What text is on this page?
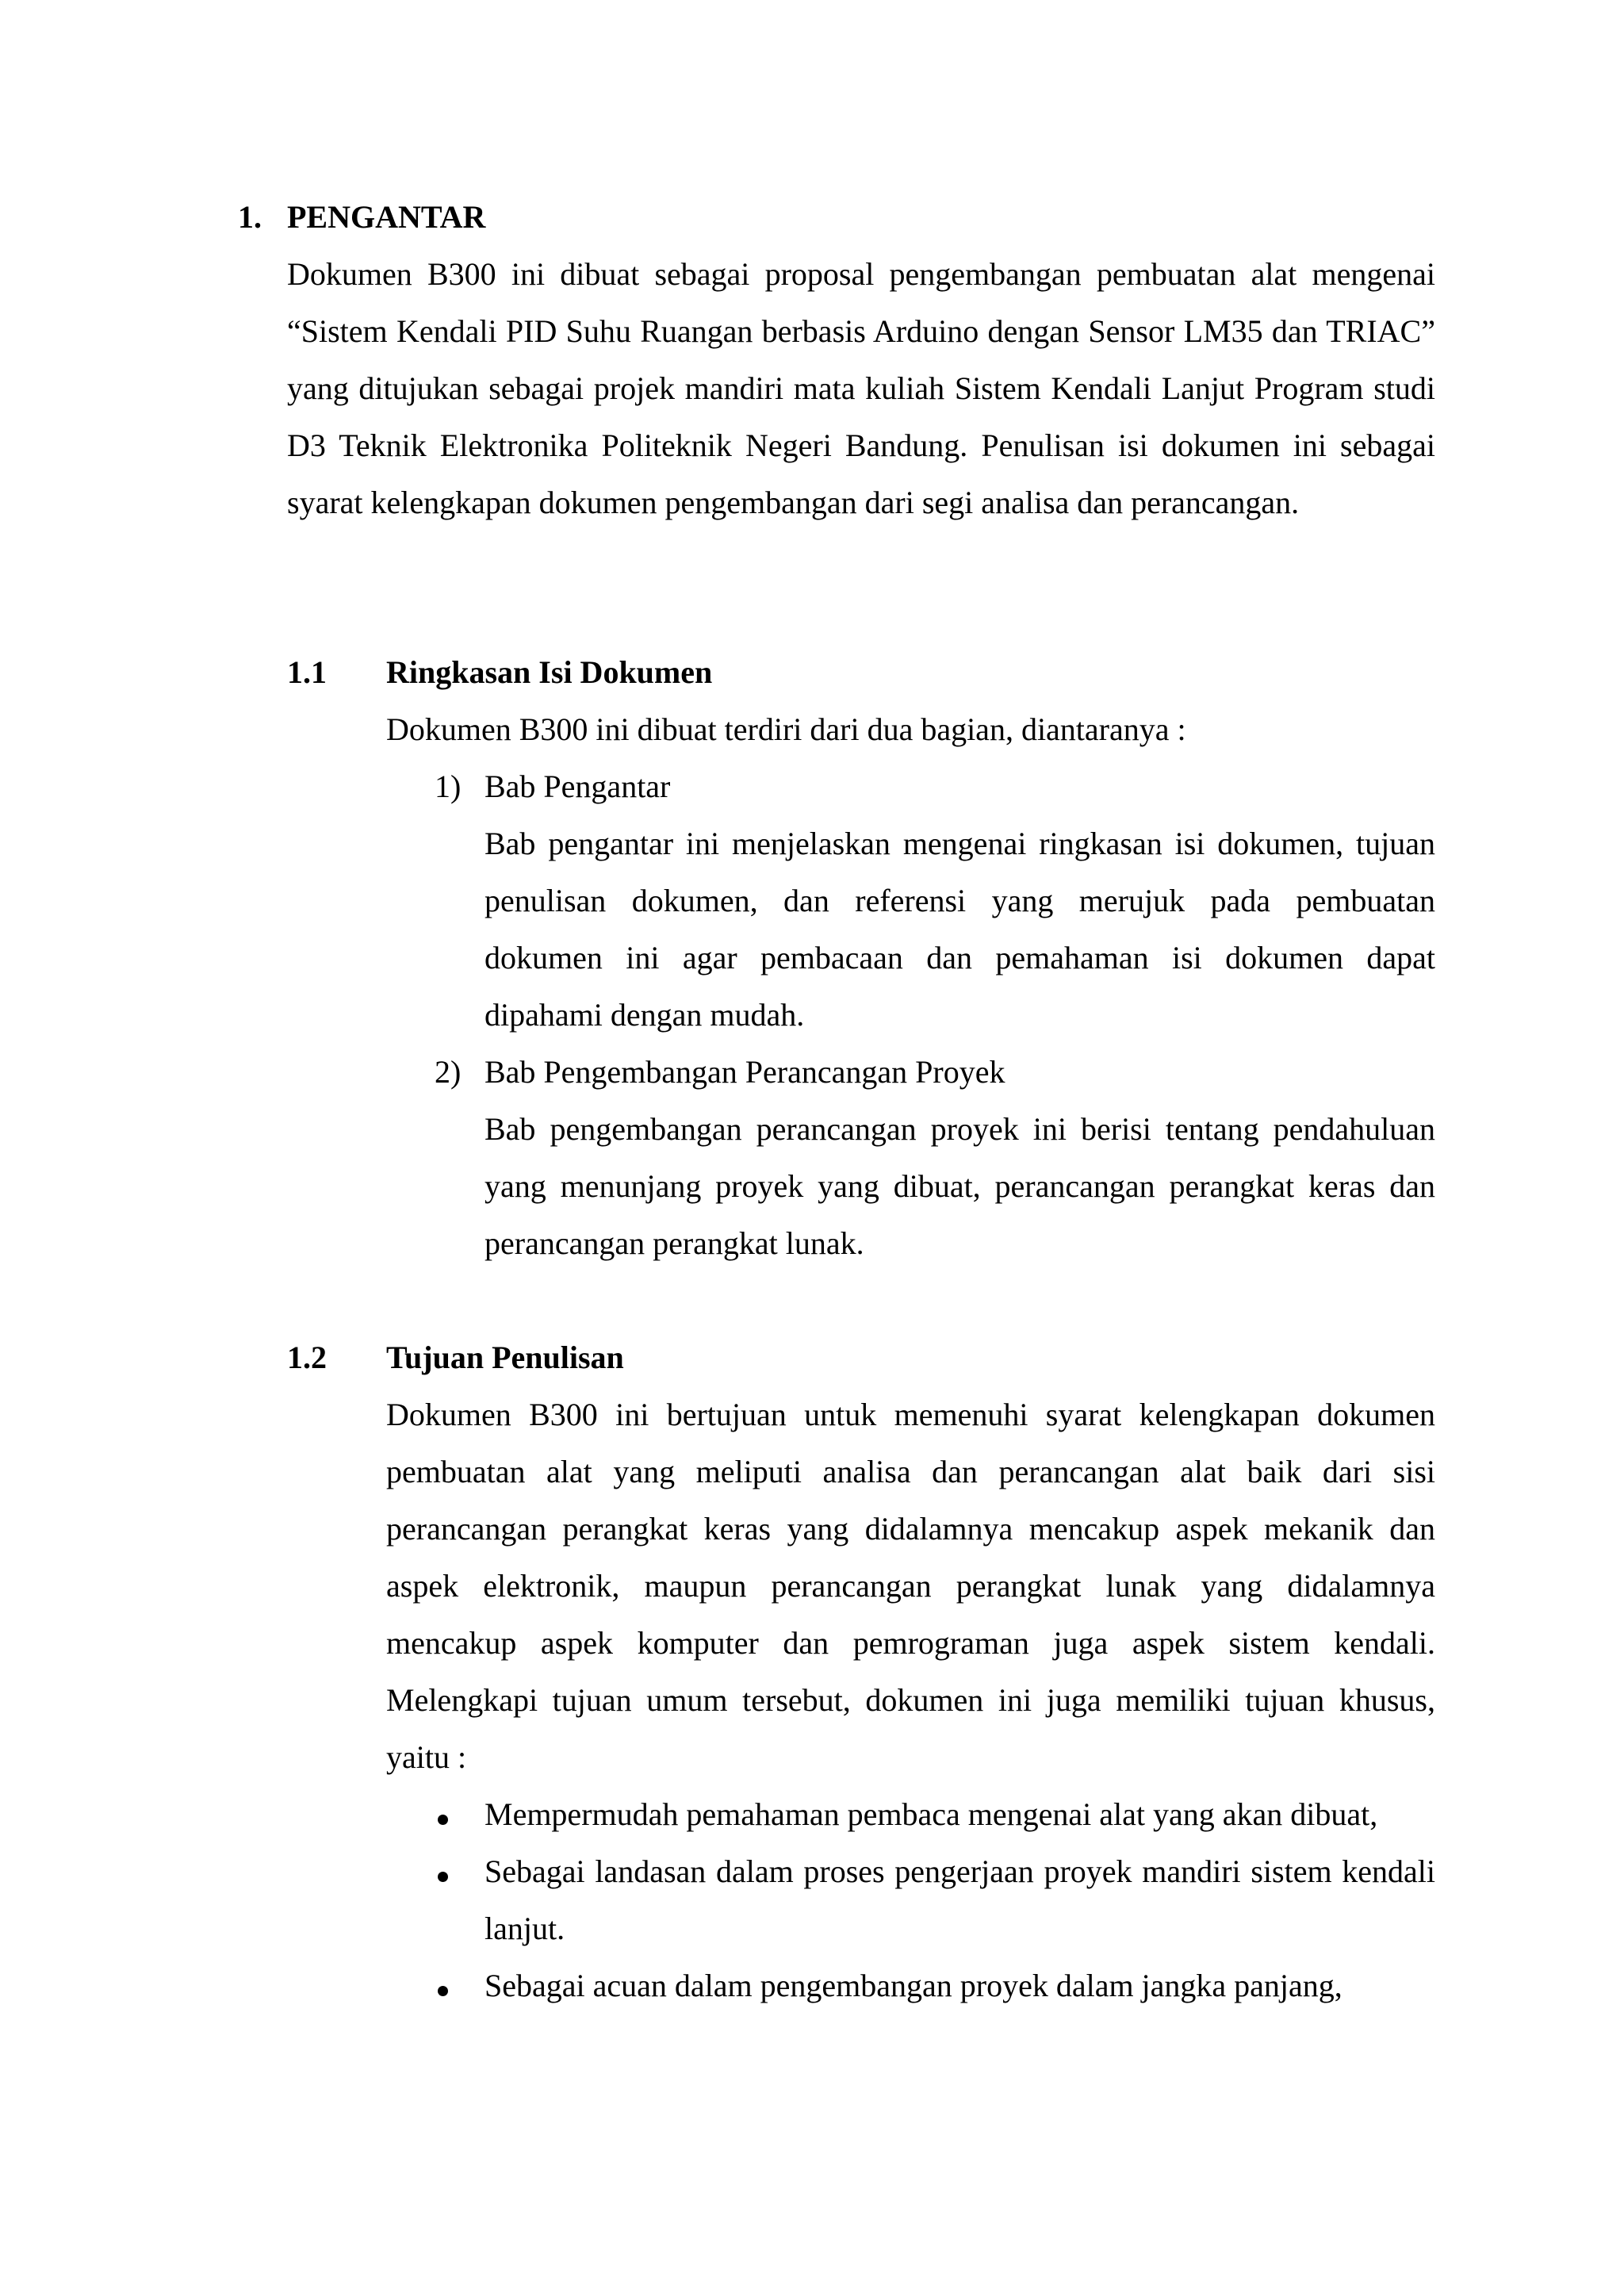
1. PENGANTAR

Dokumen B300 ini dibuat sebagai proposal pengembangan pembuatan alat mengenai “Sistem Kendali PID Suhu Ruangan berbasis Arduino dengan Sensor LM35 dan TRIAC” yang ditujukan sebagai projek mandiri mata kuliah Sistem Kendali Lanjut Program studi D3 Teknik Elektronika Politeknik Negeri Bandung. Penulisan isi dokumen ini sebagai syarat kelengkapan dokumen pengembangan dari segi analisa dan perancangan.

1.1 Ringkasan Isi Dokumen

Dokumen B300 ini dibuat terdiri dari dua bagian, diantaranya :

1) Bab Pengantar

Bab pengantar ini menjelaskan mengenai ringkasan isi dokumen, tujuan penulisan dokumen, dan referensi yang merujuk pada pembuatan dokumen ini agar pembacaan dan pemahaman isi dokumen dapat dipahami dengan mudah.

2) Bab Pengembangan Perancangan Proyek

Bab pengembangan perancangan proyek ini berisi tentang pendahuluan yang menunjang proyek yang dibuat, perancangan perangkat keras dan perancangan perangkat lunak.

1.2 Tujuan Penulisan

Dokumen B300 ini bertujuan untuk memenuhi syarat kelengkapan dokumen pembuatan alat yang meliputi analisa dan perancangan alat baik dari sisi perancangan perangkat keras yang didalamnya mencakup aspek mekanik dan aspek elektronik, maupun perancangan perangkat lunak yang didalamnya mencakup aspek komputer dan pemrograman juga aspek sistem kendali. Melengkapi tujuan umum tersebut, dokumen ini juga memiliki tujuan khusus, yaitu :

Mempermudah pemahaman pembaca mengenai alat yang akan dibuat,

Sebagai landasan dalam proses pengerjaan proyek mandiri sistem kendali lanjut.

Sebagai acuan dalam pengembangan proyek dalam jangka panjang,
